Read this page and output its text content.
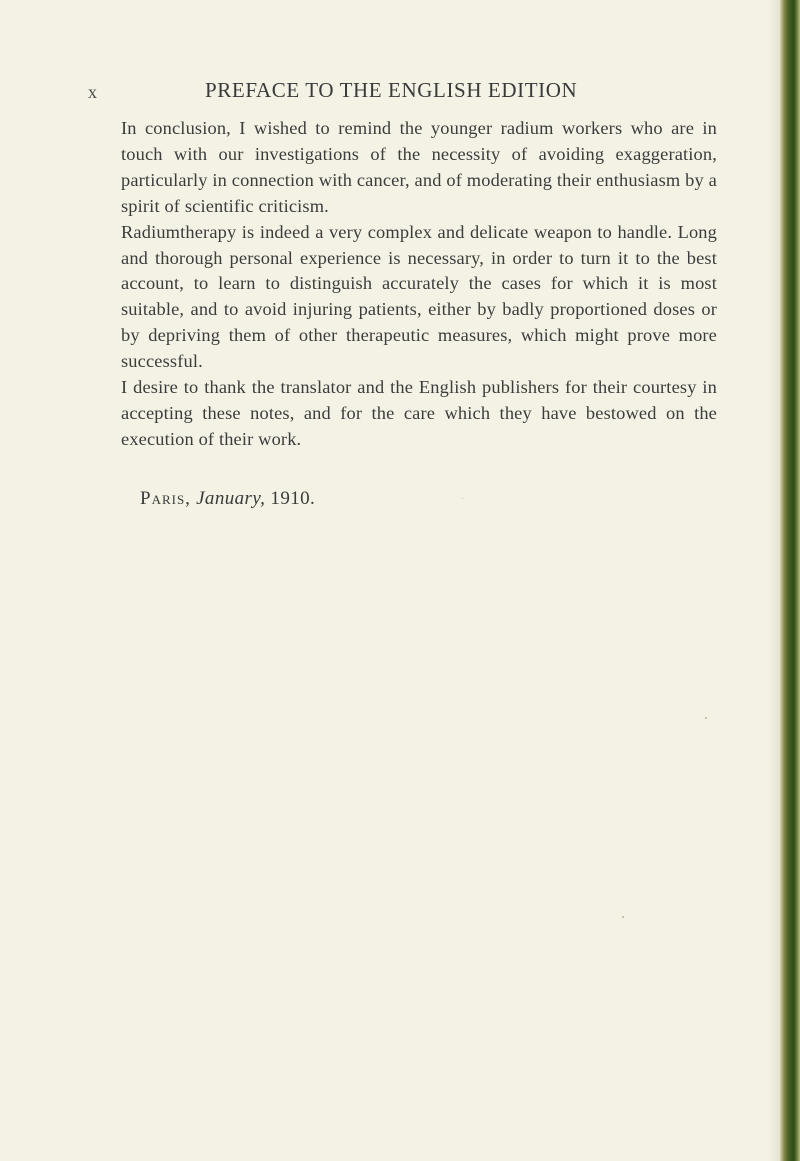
x	PREFACE TO THE ENGLISH EDITION

In conclusion, I wished to remind the younger radium workers who are in touch with our investigations of the necessity of avoiding exaggeration, particularly in connection with cancer, and of moderating their enthusiasm by a spirit of scientific criticism.

Radiumtherapy is indeed a very complex and delicate weapon to handle. Long and thorough personal experience is necessary, in order to turn it to the best account, to learn to distinguish accurately the cases for which it is most suitable, and to avoid injuring patients, either by badly proportioned doses or by depriving them of other therapeutic measures, which might prove more successful.

I desire to thank the translator and the English publishers for their courtesy in accepting these notes, and for the care which they have bestowed on the execution of their work.

Paris, January, 1910.
